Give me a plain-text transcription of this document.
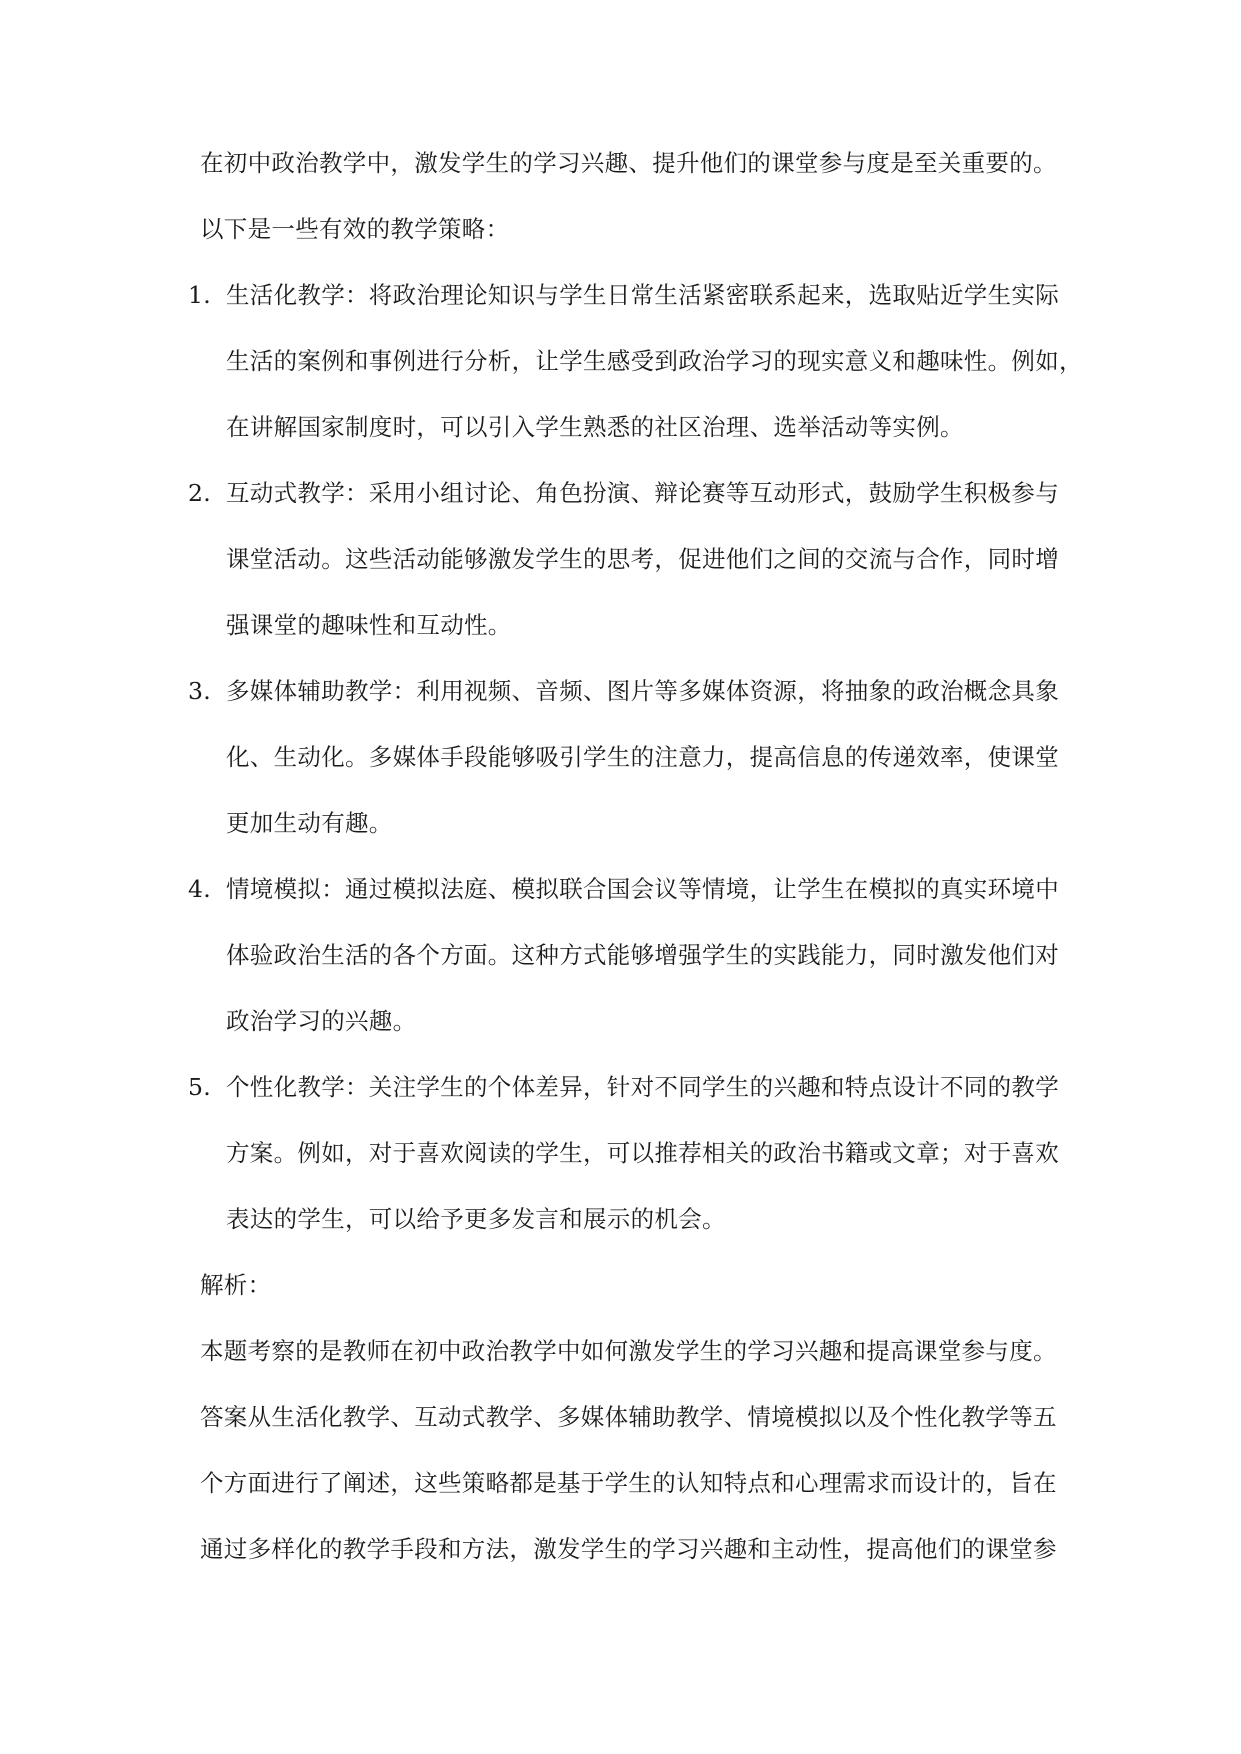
在初中政治教学中，激发学生的学习兴趣、提升他们的课堂参与度是至关重要的。
以下是一些有效的教学策略：
1. 生活化教学：将政治理论知识与学生日常生活紧密联系起来，选取贴近学生实际
生活的案例和事例进行分析，让学生感受到政治学习的现实意义和趣味性。例如，
在讲解国家制度时，可以引入学生熟悉的社区治理、选举活动等实例。
2. 互动式教学：采用小组讨论、角色扮演、辩论赛等互动形式，鼓励学生积极参与
课堂活动。这些活动能够激发学生的思考，促进他们之间的交流与合作，同时增
强课堂的趣味性和互动性。
3. 多媒体辅助教学：利用视频、音频、图片等多媒体资源，将抽象的政治概念具象
化、生动化。多媒体手段能够吸引学生的注意力，提高信息的传递效率，使课堂
更加生动有趣。
4. 情境模拟：通过模拟法庭、模拟联合国会议等情境，让学生在模拟的真实环境中
体验政治生活的各个方面。这种方式能够增强学生的实践能力，同时激发他们对
政治学习的兴趣。
5. 个性化教学：关注学生的个体差异，针对不同学生的兴趣和特点设计不同的教学
方案。例如，对于喜欢阅读的学生，可以推荐相关的政治书籍或文章；对于喜欢
表达的学生，可以给予更多发言和展示的机会。
解析：
本题考察的是教师在初中政治教学中如何激发学生的学习兴趣和提高课堂参与度。
答案从生活化教学、互动式教学、多媒体辅助教学、情境模拟以及个性化教学等五
个方面进行了阐述，这些策略都是基于学生的认知特点和心理需求而设计的，旨在
通过多样化的教学手段和方法，激发学生的学习兴趣和主动性，提高他们的课堂参
